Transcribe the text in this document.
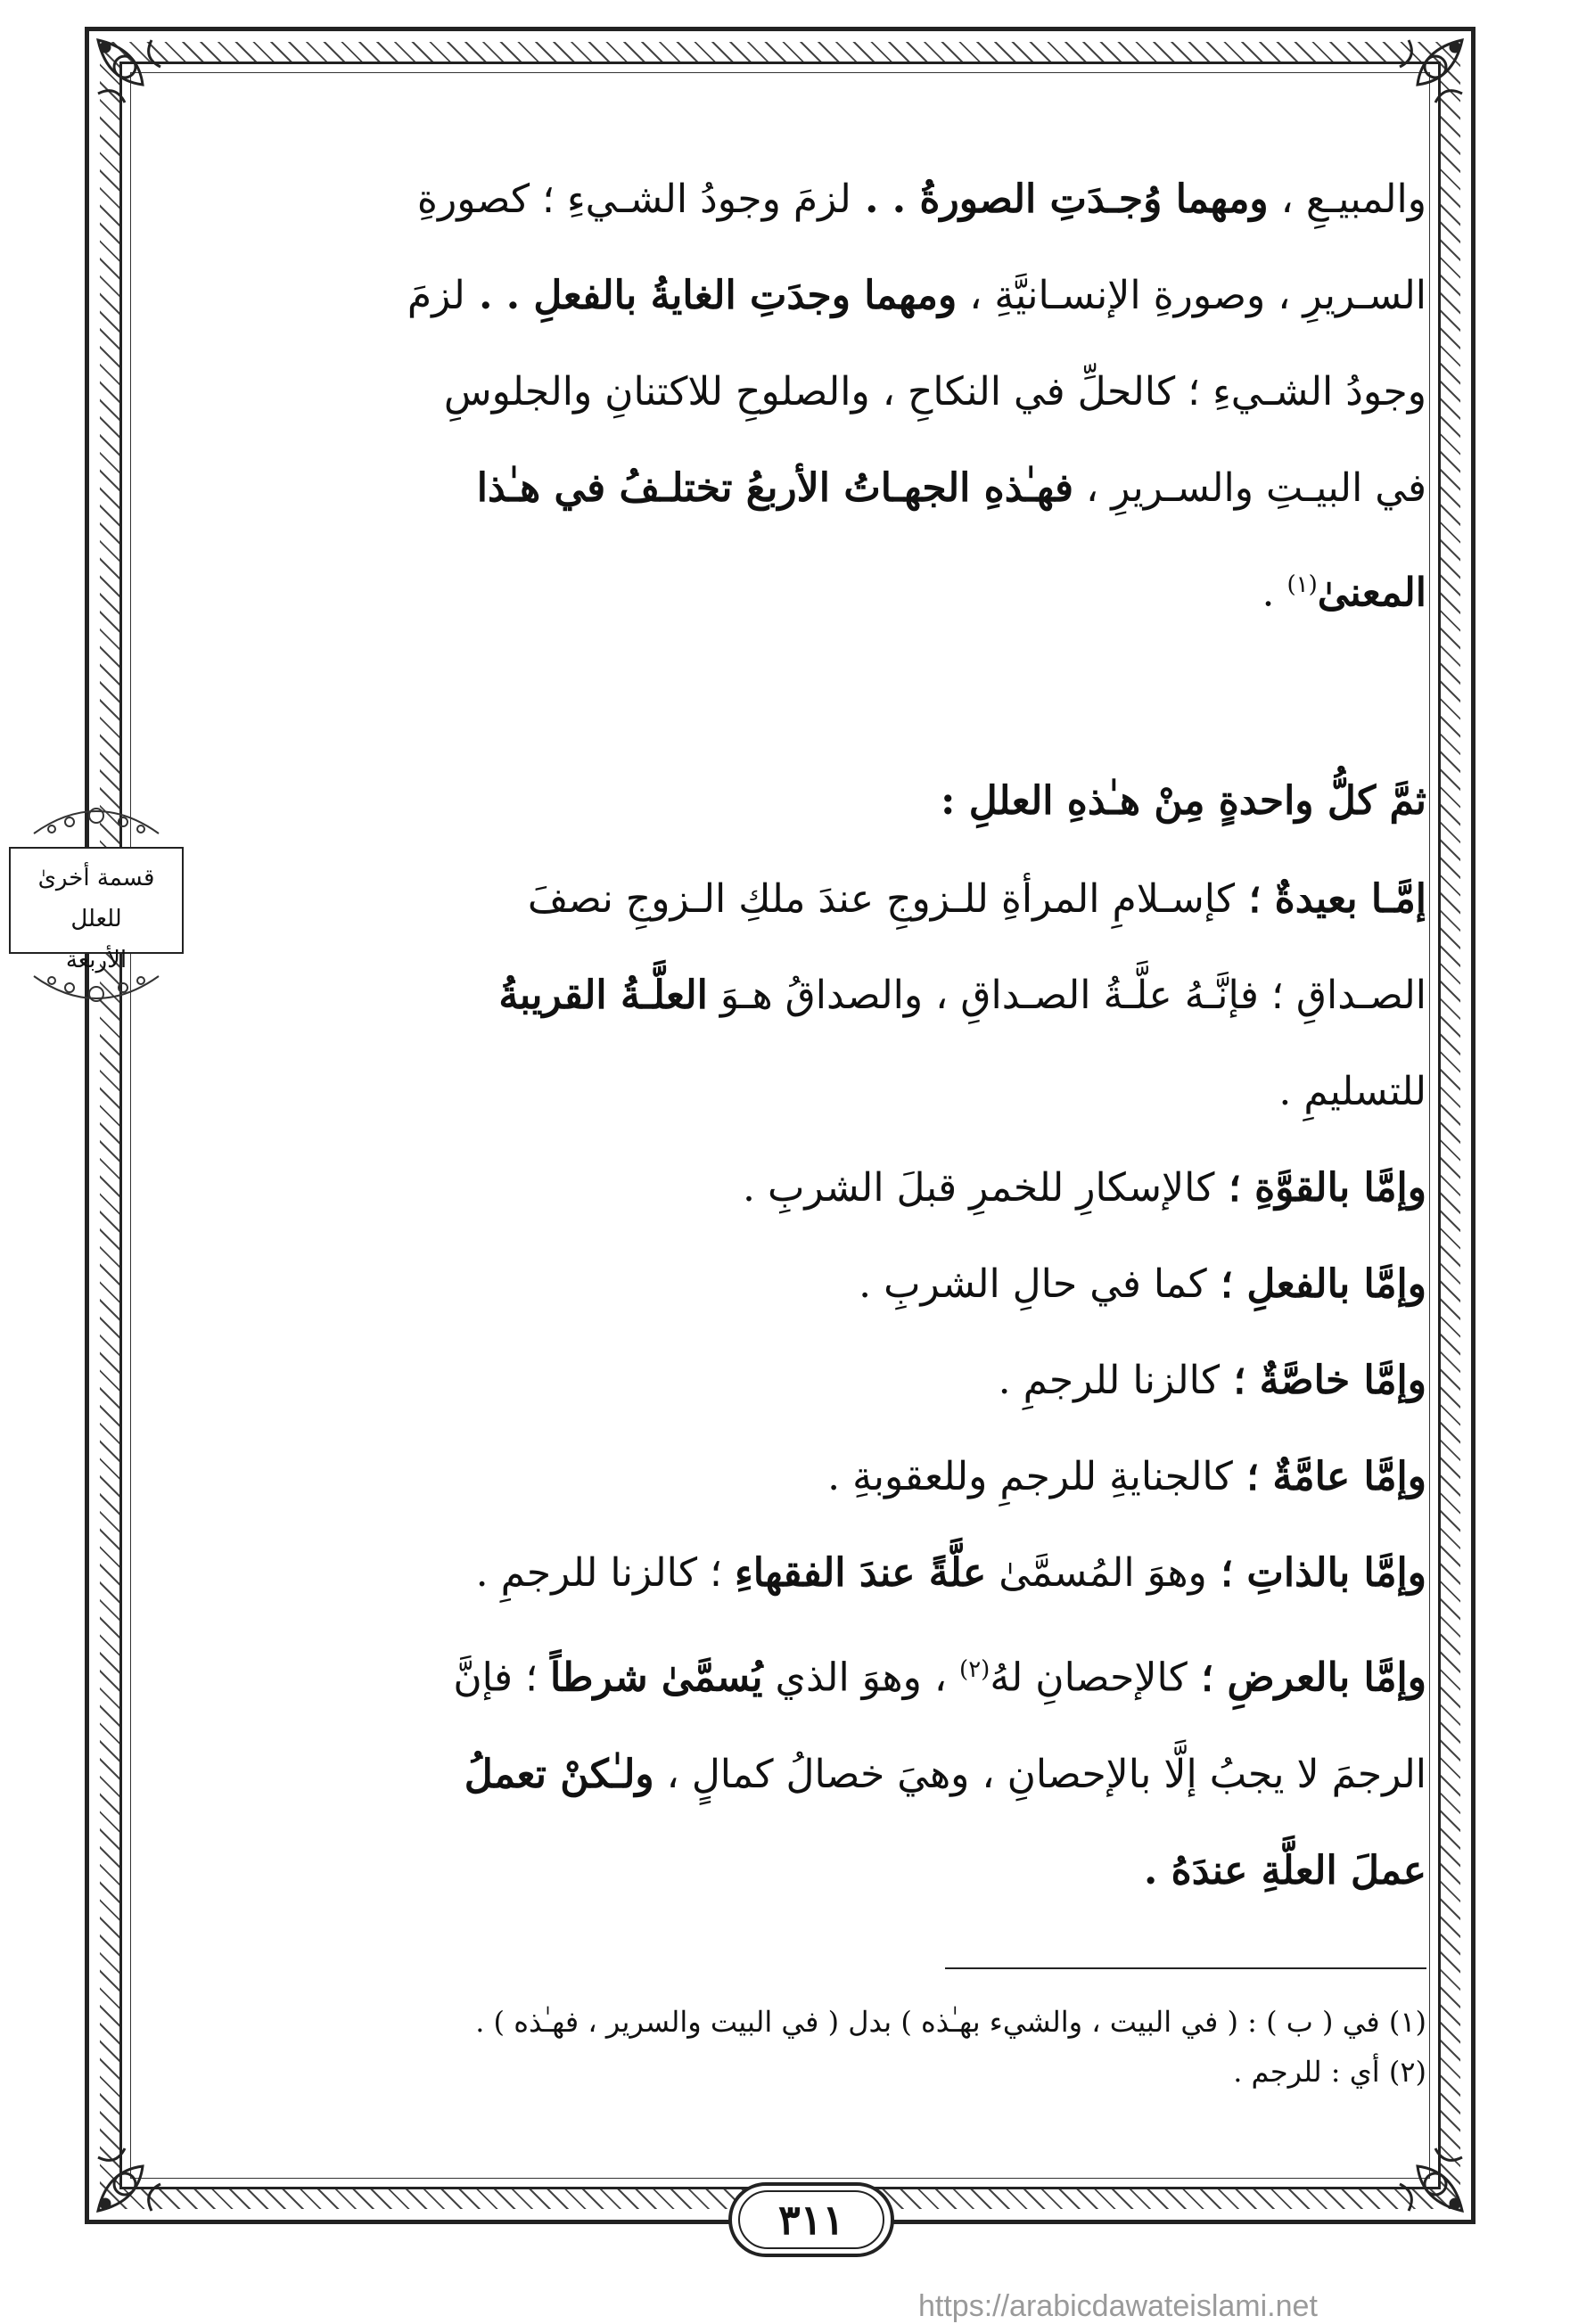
والمبيـعِ ، ومهما وُجـدَتِ الصورةُ . . لزمَ وجودُ الشـيءِ ؛ كصورةِ
السـريرِ ، وصورةِ الإنسـانيَّةِ ، ومهما وجدَتِ الغايةُ بالفعلِ . . لزمَ
وجودُ الشـيءِ ؛ كالحلِّ في النكاحِ ، والصلوحِ للاكتنانِ والجلوسِ
في البيـتِ والسـريرِ ، فهـٰذهِ الجهـاتُ الأربعُ تختلـفُ في هـٰذا
المعنىٰ$^{(١)}$ .
ثمَّ كلُّ واحدةٍ مِنْ هـٰذهِ العللِ :
إمَّـا بعيدةٌ ؛ كإسـلامِ المرأةِ للـزوجِ عندَ ملكِ الـزوجِ نصفَ
الصـداقِ ؛ فإنَّـهُ علَّـةُ الصـداقِ ، والصداقُ هـوَ العلَّـةُ القريبةُ
للتسليمِ .
وإمَّا بالقوَّةِ ؛ كالإسكارِ للخمرِ قبلَ الشربِ .
وإمَّا بالفعلِ ؛ كما في حالِ الشربِ .
وإمَّا خاصَّةٌ ؛ كالزنا للرجمِ .
وإمَّا عامَّةٌ ؛ كالجنايةِ للرجمِ وللعقوبةِ .
وإمَّا بالذاتِ ؛ وهوَ المُسمَّىٰ علَّةً عندَ الفقهاءِ ؛ كالزنا للرجمِ .
وإمَّا بالعرضِ ؛ كالإحصانِ لهُ$^{(٢)}$ ، وهوَ الذي يُسمَّىٰ شرطاً ؛ فإنَّ
الرجمَ لا يجبُ إلَّا بالإحصانِ ، وهيَ خصالُ كمالٍ ، ولـٰكنْ تعملُ
عملَ العلَّةِ عندَهُ .
قسمة أخرىٰ للعلل
الأربعة
(١) في ( ب ) : ( في البيت ، والشيء بهـٰذه ) بدل ( في البيت والسرير ، فهـٰذه ) .
(٢) أي : للرجم .
٣١١
https://arabicdawateislami.net
